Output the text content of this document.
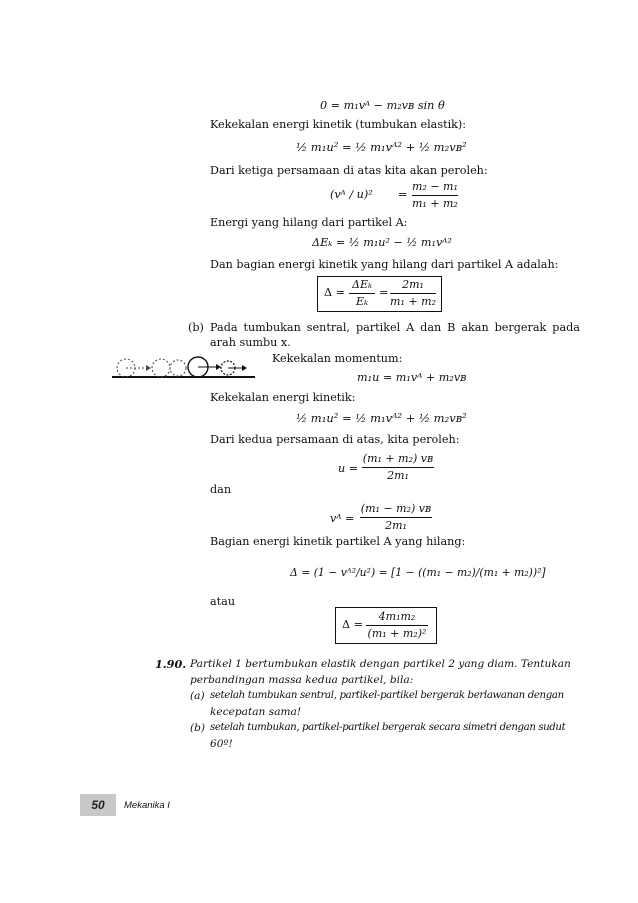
0 = m₁vᴬ − m₂vʙ sin θ
Kekekalan energi kinetik (tumbukan elastik):
½ m₁u² = ½ m₁vᴬ² + ½ m₂vʙ²
Dari ketiga persamaan di atas kita akan peroleh:
(vᴬ / u)² =
m₂ − m₁
m₁ + m₂
Energi yang hilang dari partikel A:
ΔEₖ = ½ m₁u² − ½ m₁vᴬ²
Dan bagian energi kinetik yang hilang dari partikel A adalah:
Δ =
ΔEₖ
Eₖ
=
2m₁
m₁ + m₂
(b) Pada tumbukan sentral, partikel A dan B akan bergerak pada
arah sumbu x.
Kekekalan momentum:
m₁u = m₁vᴬ + m₂vʙ
Kekekalan energi kinetik:
½ m₁u² = ½ m₁vᴬ² + ½ m₂vʙ²
Dari kedua persamaan di atas, kita peroleh:
u =
(m₁ + m₂) vʙ
2m₁
dan
vᴬ =
(m₁ − m₂) vʙ
2m₁
Bagian energi kinetik partikel A yang hilang:
Δ = (1 − vᴬ²/u²) = [1 − ((m₁ − m₂)/(m₁ + m₂))²]
atau
Δ =
4m₁m₂
(m₁ + m₂)²
1.90. Partikel 1 bertumbukan elastik dengan partikel 2 yang diam. Tentukan
perbandingan massa kedua partikel, bila:
(a) setelah tumbukan sentral, partikel-partikel bergerak berlawanan dengan
kecepatan sama!
(b) setelah tumbukan, partikel-partikel bergerak secara simetri dengan sudut
60º!
50	Mekanika I
